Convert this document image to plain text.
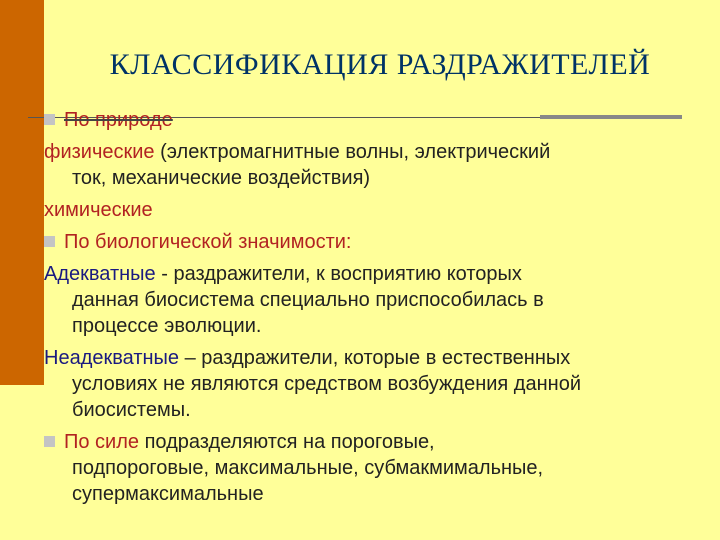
КЛАССИФИКАЦИЯ РАЗДРАЖИТЕЛЕЙ
По природе
физические (электромагнитные волны, электрический
ток, механические воздействия)
химические
По биологической значимости:
Адекватные - раздражители, к восприятию которых
данная биосистема специально приспособилась в
процессе эволюции.
Неадекватные – раздражители, которые в естественных
условиях не являются средством возбуждения данной
биосистемы.
По силе подразделяются на пороговые,
подпороговые, максимальные, субмакмимальные,
супермаксимальные
